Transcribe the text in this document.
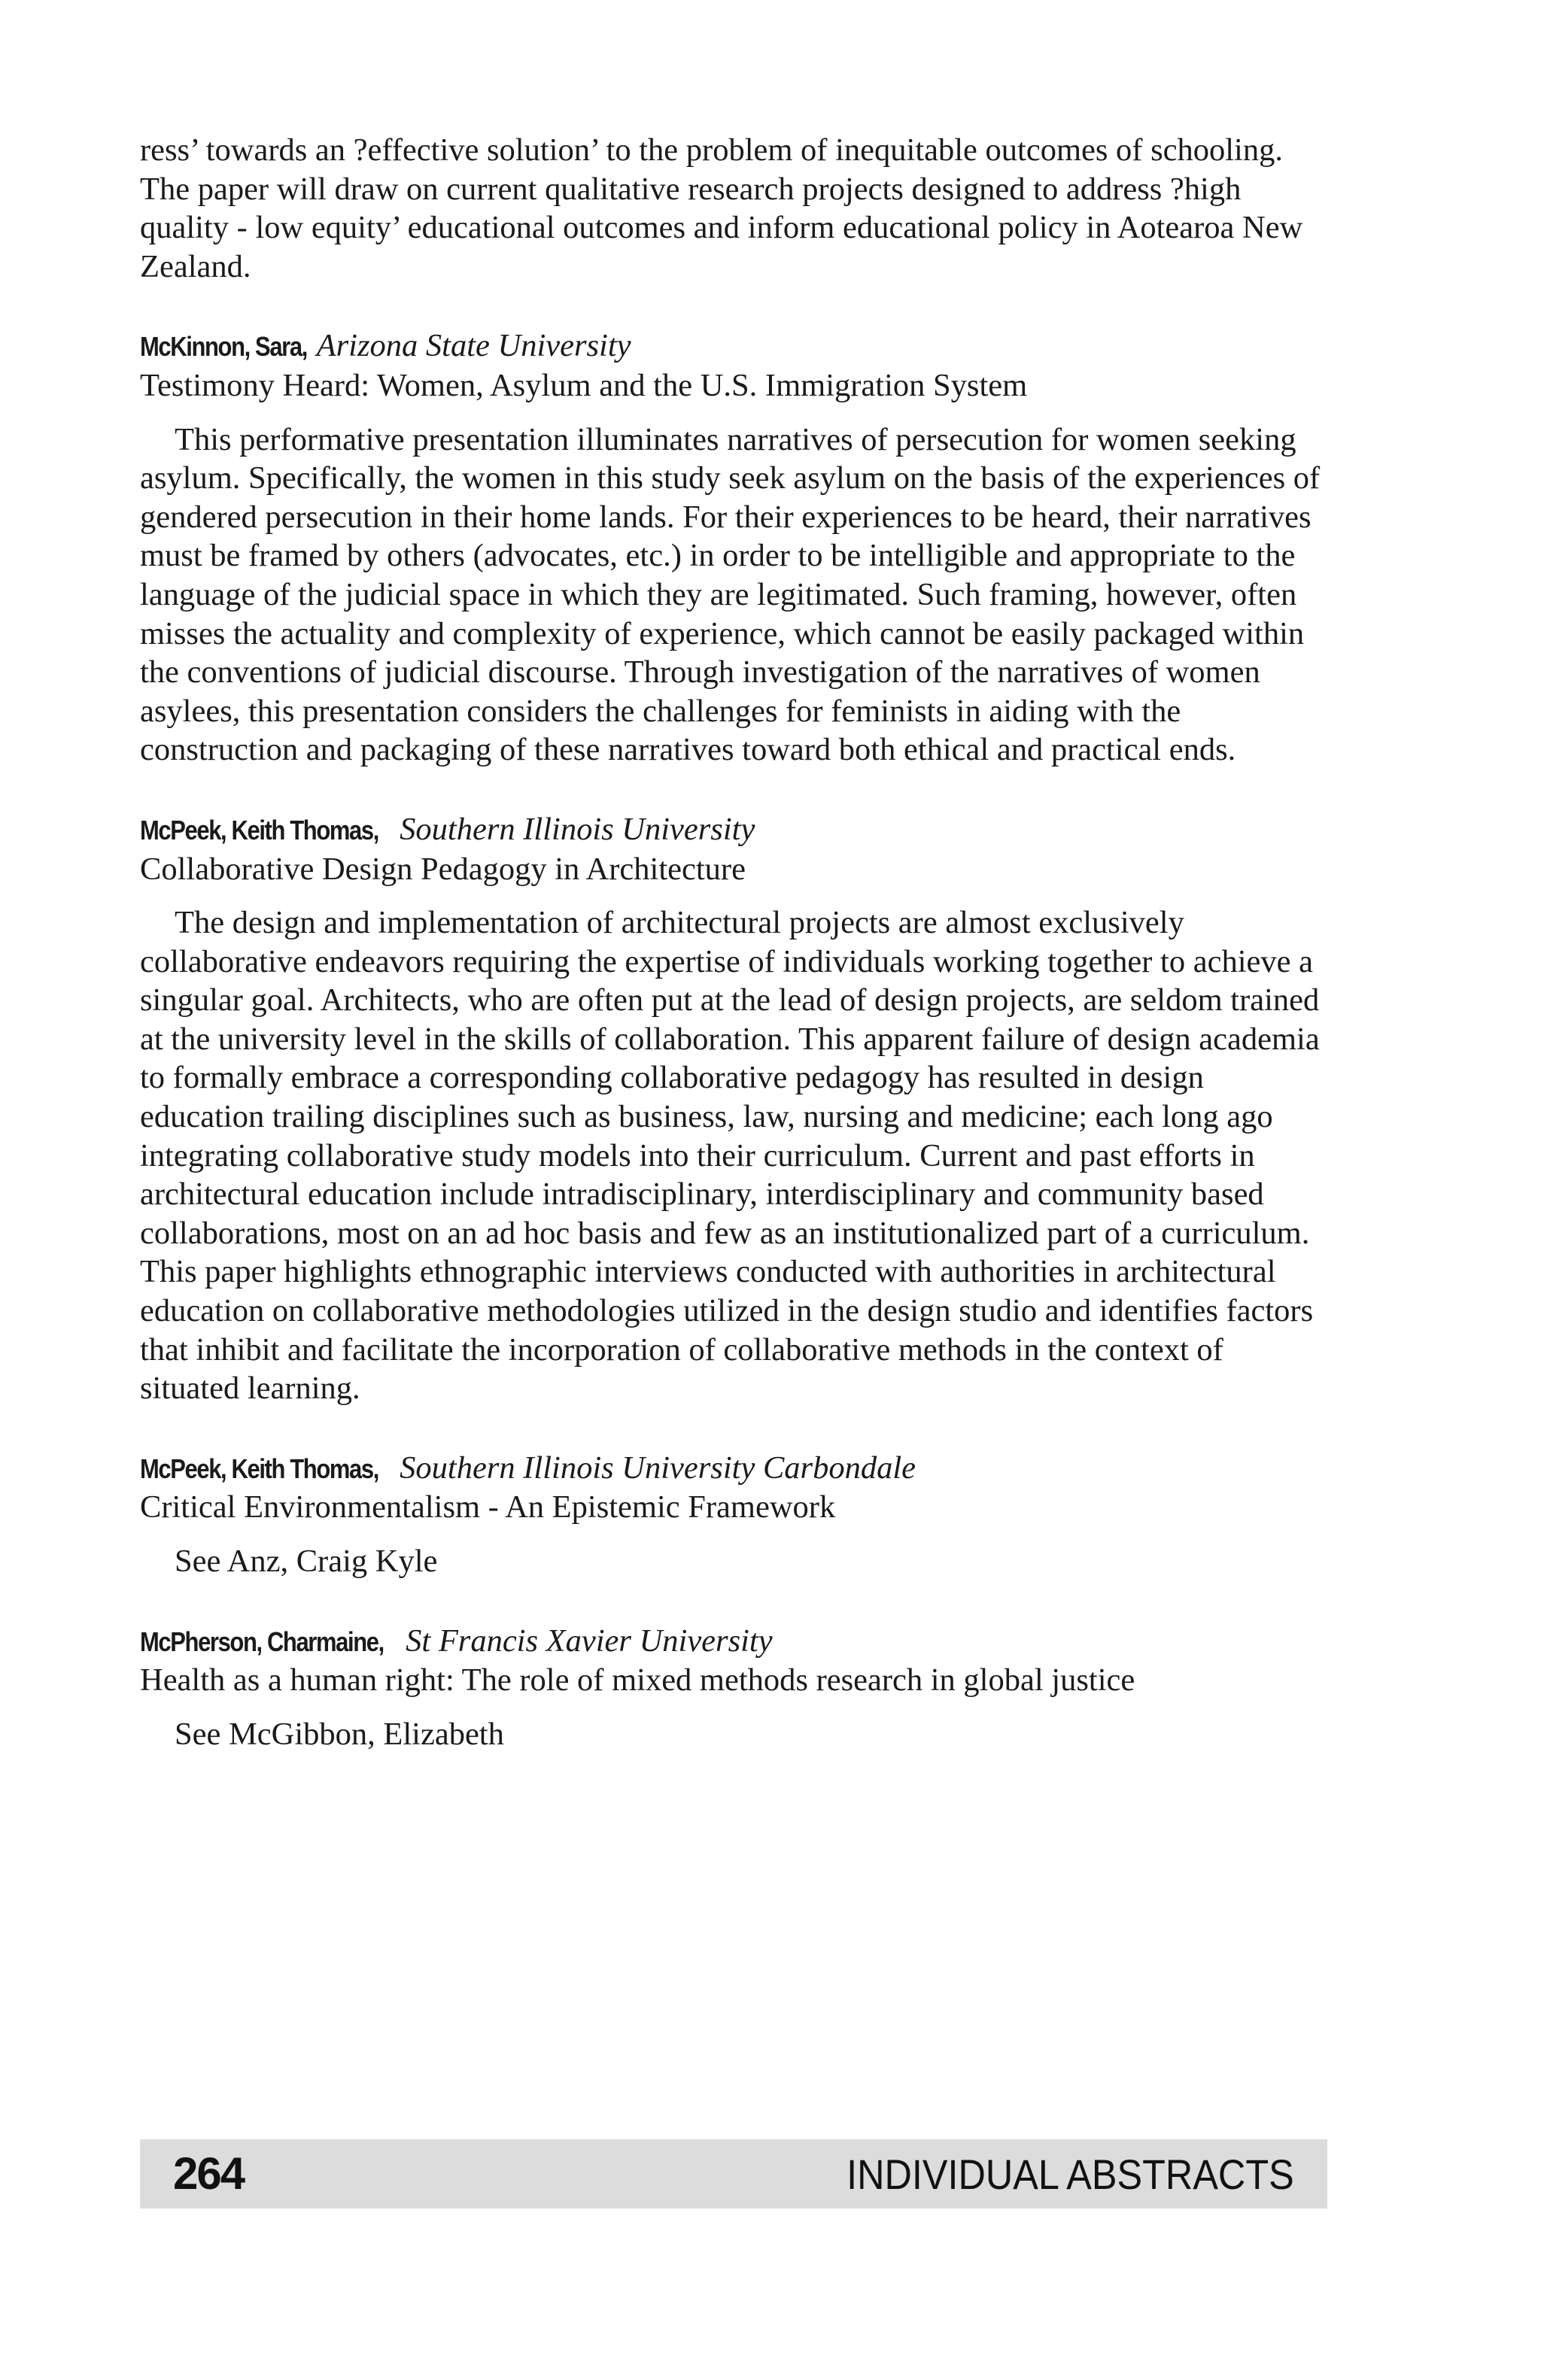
ress’ towards an ?effective solution’ to the problem of inequitable outcomes of schooling. The paper will draw on current qualitative research projects designed to address ?high quality - low equity’ educational outcomes and inform educational policy in Aotearoa New Zealand.

McKinnon, Sara, Arizona State University

Testimony Heard: Women, Asylum and the U.S. Immigration System

This performative presentation illuminates narratives of persecution for women seeking asylum. Specifically, the women in this study seek asylum on the basis of the experiences of gendered persecution in their home lands. For their experiences to be heard, their narratives must be framed by others (advocates, etc.) in order to be intelligible and appropriate to the language of the judicial space in which they are legitimated. Such framing, however, often misses the actuality and complexity of experience, which cannot be easily packaged within the conventions of judicial discourse. Through investigation of the narratives of women asylees, this presentation considers the challenges for feminists in aiding with the construction and packaging of these narratives toward both ethical and practical ends.

McPeek, Keith Thomas, Southern Illinois University

Collaborative Design Pedagogy in Architecture

The design and implementation of architectural projects are almost exclusively collaborative endeavors requiring the expertise of individuals working together to achieve a singular goal. Architects, who are often put at the lead of design projects, are seldom trained at the university level in the skills of collaboration. This apparent failure of design academia to formally embrace a corresponding collaborative pedagogy has resulted in design education trailing disciplines such as business, law, nursing and medicine; each long ago integrating collaborative study models into their curriculum. Current and past efforts in architectural education include intradisciplinary, interdisciplinary and community based collaborations, most on an ad hoc basis and few as an institutionalized part of a curriculum. This paper highlights ethnographic interviews conducted with authorities in architectural education on collaborative methodologies utilized in the design studio and identifies factors that inhibit and facilitate the incorporation of collaborative methods in the context of situated learning.

McPeek, Keith Thomas, Southern Illinois University Carbondale

Critical Environmentalism - An Epistemic Framework

See Anz, Craig Kyle

McPherson, Charmaine, St Francis Xavier University

Health as a human right: The role of mixed methods research in global justice

See McGibbon, Elizabeth

264	INDIVIDUAL ABSTRACTS
